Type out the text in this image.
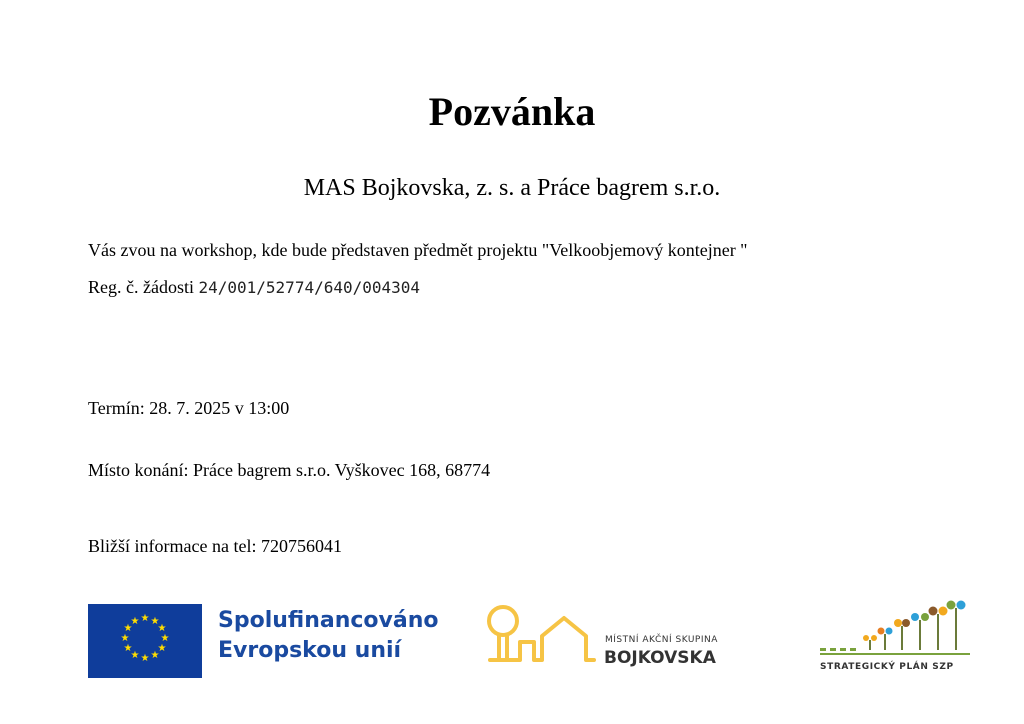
Pozvánka
MAS Bojkovska, z. s. a Práce bagrem s.r.o.
Vás zvou na workshop, kde bude představen předmět projektu "Velkoobjemový kontejner "
Reg. č. žádosti 24/001/52774/640/004304
Termín: 28. 7. 2025 v 13:00
Místo konání: Práce bagrem s.r.o. Vyškovec 168, 68774
Bližší informace na tel: 720756041
★ ★
★
★
★
★
★
★
★
★
★
★	Spolufinancováno
Evropskou unií	MÍSTNÍ AKČNÍ SKUPINA
BOJKOVSKA	STRATEGICKÝ PLÁN SZP
